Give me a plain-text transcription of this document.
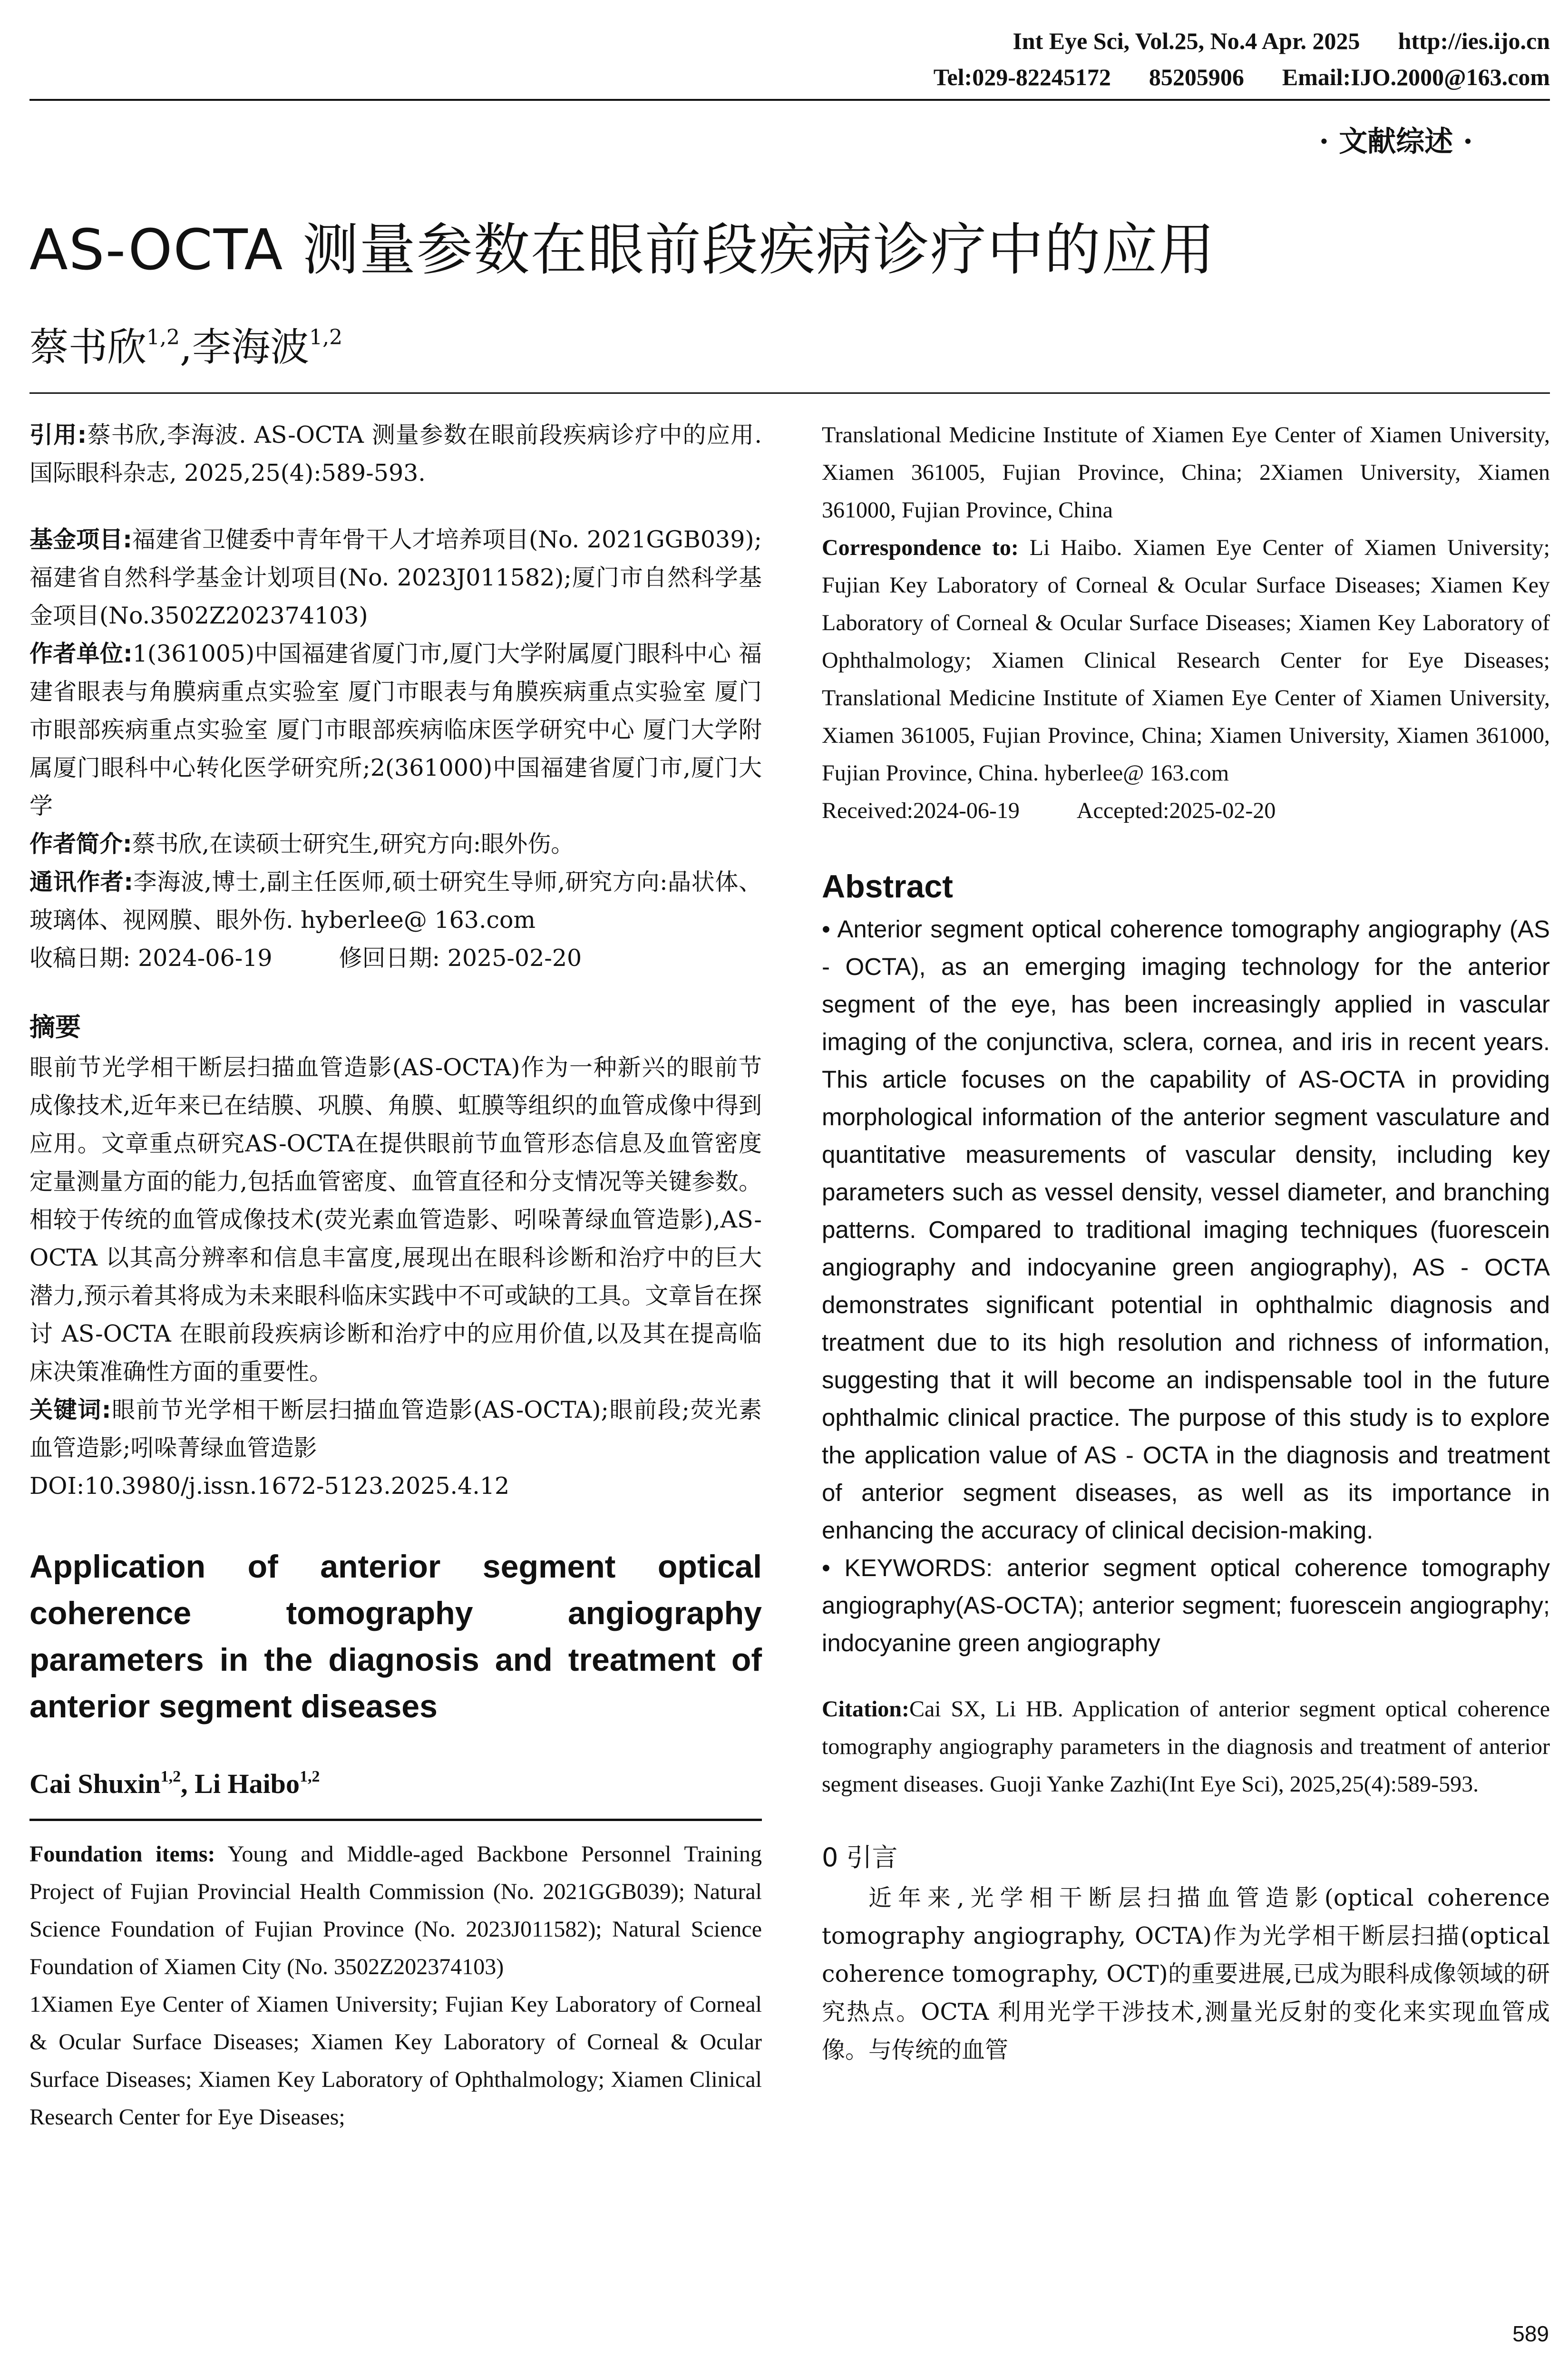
Int Eye Sci, Vol.25, No.4 Apr. 2025 http://ies.ijo.cn
Tel:029-82245172 85205906 Email:IJO.2000@163.com
· 文献综述 ·
AS-OCTA 测量参数在眼前段疾病诊疗中的应用
蔡书欣$^{1,2}$,李海波$^{1,2}$
引用:蔡书欣,李海波. AS-OCTA 测量参数在眼前段疾病诊疗中的应用. 国际眼科杂志, 2025,25(4):589-593.
基金项目:福建省卫健委中青年骨干人才培养项目(No. 2021GGB039);福建省自然科学基金计划项目(No. 2023J011582);厦门市自然科学基金项目(No.3502Z202374103)
作者单位:1(361005)中国福建省厦门市,厦门大学附属厦门眼科中心 福建省眼表与角膜病重点实验室 厦门市眼表与角膜疾病重点实验室 厦门市眼部疾病重点实验室 厦门市眼部疾病临床医学研究中心 厦门大学附属厦门眼科中心转化医学研究所;2(361000)中国福建省厦门市,厦门大学
作者简介:蔡书欣,在读硕士研究生,研究方向:眼外伤。
通讯作者:李海波,博士,副主任医师,硕士研究生导师,研究方向:晶状体、玻璃体、视网膜、眼外伤. hyberlee@ 163.com
收稿日期: 2024-06-19	修回日期: 2025-02-20
摘要
眼前节光学相干断层扫描血管造影(AS-OCTA)作为一种新兴的眼前节成像技术,近年来已在结膜、巩膜、角膜、虹膜等组织的血管成像中得到应用。文章重点研究AS-OCTA在提供眼前节血管形态信息及血管密度定量测量方面的能力,包括血管密度、血管直径和分支情况等关键参数。相较于传统的血管成像技术(荧光素血管造影、吲哚菁绿血管造影),AS-OCTA 以其高分辨率和信息丰富度,展现出在眼科诊断和治疗中的巨大潜力,预示着其将成为未来眼科临床实践中不可或缺的工具。文章旨在探讨 AS-OCTA 在眼前段疾病诊断和治疗中的应用价值,以及其在提高临床决策准确性方面的重要性。
关键词:眼前节光学相干断层扫描血管造影(AS-OCTA);眼前段;荧光素血管造影;吲哚菁绿血管造影
DOI:10.3980/j.issn.1672-5123.2025.4.12
Application of anterior segment optical coherence tomography angiography parameters in the diagnosis and treatment of anterior segment diseases
Cai Shuxin$^{1,2}$, Li Haibo$^{1,2}$
Foundation items: Young and Middle-aged Backbone Personnel Training Project of Fujian Provincial Health Commission (No. 2021GGB039); Natural Science Foundation of Fujian Province (No. 2023J011582); Natural Science Foundation of Xiamen City (No. 3502Z202374103)
1Xiamen Eye Center of Xiamen University; Fujian Key Laboratory of Corneal & Ocular Surface Diseases; Xiamen Key Laboratory of Corneal & Ocular Surface Diseases; Xiamen Key Laboratory of Ophthalmology; Xiamen Clinical Research Center for Eye Diseases;
Translational Medicine Institute of Xiamen Eye Center of Xiamen University, Xiamen 361005, Fujian Province, China; 2Xiamen University, Xiamen 361000, Fujian Province, China
Correspondence to: Li Haibo. Xiamen Eye Center of Xiamen University; Fujian Key Laboratory of Corneal & Ocular Surface Diseases; Xiamen Key Laboratory of Corneal & Ocular Surface Diseases; Xiamen Key Laboratory of Ophthalmology; Xiamen Clinical Research Center for Eye Diseases; Translational Medicine Institute of Xiamen Eye Center of Xiamen University, Xiamen 361005, Fujian Province, China; Xiamen University, Xiamen 361000, Fujian Province, China. hyberlee@ 163.com
Received:2024-06-19	Accepted:2025-02-20
Abstract
• Anterior segment optical coherence tomography angiography (AS - OCTA), as an emerging imaging technology for the anterior segment of the eye, has been increasingly applied in vascular imaging of the conjunctiva, sclera, cornea, and iris in recent years. This article focuses on the capability of AS-OCTA in providing morphological information of the anterior segment vasculature and quantitative measurements of vascular density, including key parameters such as vessel density, vessel diameter, and branching patterns. Compared to traditional imaging techniques (fuorescein angiography and indocyanine green angiography), AS - OCTA demonstrates significant potential in ophthalmic diagnosis and treatment due to its high resolution and richness of information, suggesting that it will become an indispensable tool in the future ophthalmic clinical practice. The purpose of this study is to explore the application value of AS - OCTA in the diagnosis and treatment of anterior segment diseases, as well as its importance in enhancing the accuracy of clinical decision-making.
• KEYWORDS: anterior segment optical coherence tomography angiography(AS-OCTA); anterior segment; fuorescein angiography; indocyanine green angiography
Citation:Cai SX, Li HB. Application of anterior segment optical coherence tomography angiography parameters in the diagnosis and treatment of anterior segment diseases. Guoji Yanke Zazhi(Int Eye Sci), 2025,25(4):589-593.
0 引言
近年来,光学相干断层扫描血管造影(optical coherence tomography angiography, OCTA)作为光学相干断层扫描(optical coherence tomography, OCT)的重要进展,已成为眼科成像领域的研究热点。OCTA 利用光学干涉技术,测量光反射的变化来实现血管成像。与传统的血管
589
